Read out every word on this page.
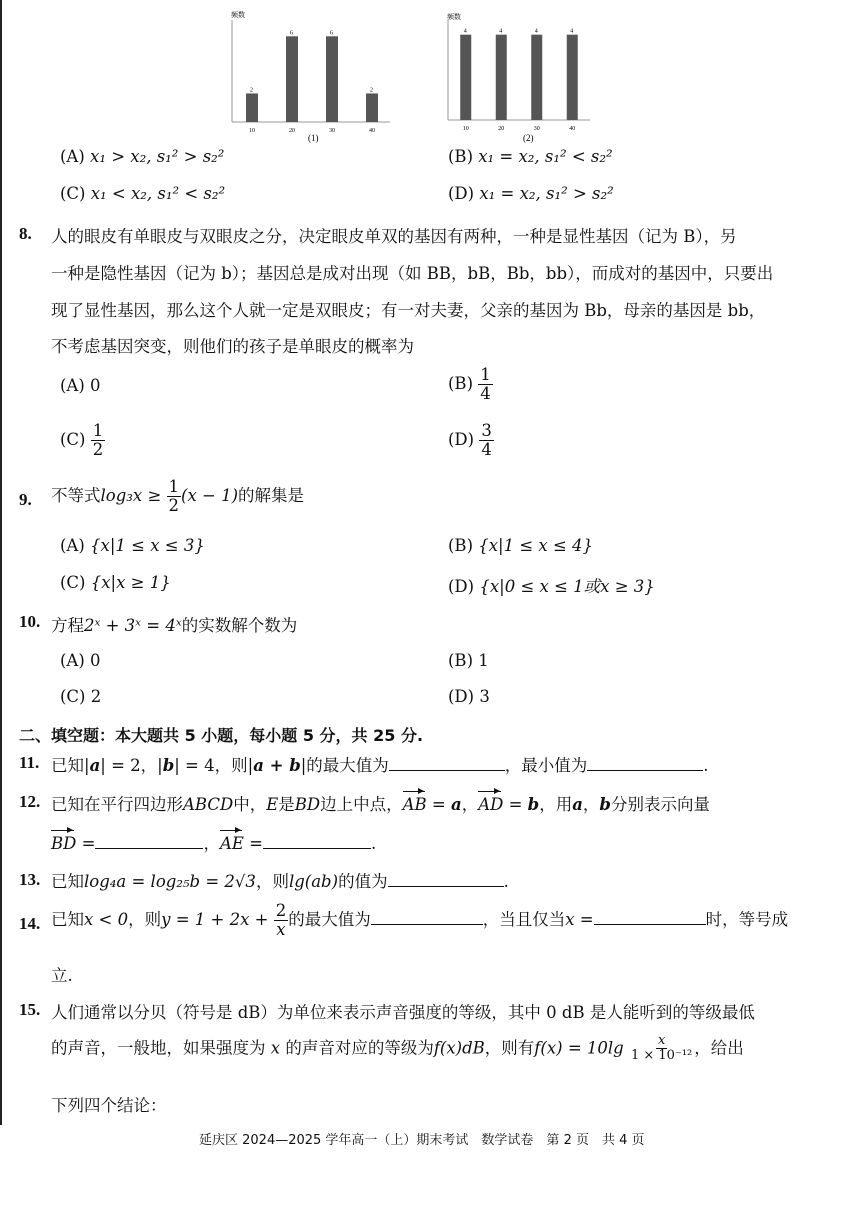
频数
2
10
6
20
6
30
2
40
(1)
频数
4
10
4
20
4
30
4
40
(2)
(A) x₁ > x₂, s₁² > s₂²	(B) x₁ = x₂, s₁² < s₂²
(C) x₁ < x₂, s₁² < s₂²	(D) x₁ = x₂, s₁² > s₂²
8. 人的眼皮有单眼皮与双眼皮之分，决定眼皮单双的基因有两种，一种是显性基因（记为 B），另
一种是隐性基因（记为 b）；基因总是成对出现（如 BB，bB，Bb，bb），而成对的基因中，只要出
现了显性基因，那么这个人就一定是双眼皮；有一对夫妻，父亲的基因为 Bb，母亲的基因是 bb，
不考虑基因突变，则他们的孩子是单眼皮的概率为
(A) 0	$(B) \frac{1}{4}$
$(C) \frac{1}{2}$	$(D) \frac{3}{4}$
9. 不等式$\log_3x \ge \frac{1}{2} (x - 1)$的解集是
(A) {x|1 ≤ x ≤ 3}	(B) {x|1 ≤ x ≤ 4}
(C) {x|x ≥ 1}	(D) {x|0 ≤ x ≤ 1或x ≥ 3}
10. 方程2ˣ + 3ˣ = 4ˣ的实数解个数为
(A) 0	(B) 1
(C) 2	(D) 3
二、填空题：本大题共 5 小题，每小题 5 分，共 25 分.
11. 已知|a| = 2，|b| = 4，则|a + b|的最大值为	，最小值为	.
12. 已知在平行四边形ABCD中，E是BD边上中点，AB = a，AD = b，用a，b分别表示向量
BD =	，AE =	.
13. 已知log₄a = log₂₅b = 2√3，则lg(ab)的值为	.
14. 已知x < 0，则$y = 1 + 2x + \frac{2}{x}$ 的最大值为	，当且仅当x =	时，等号成
立.
15. 人们通常以分贝（符号是 dB）为单位来表示声音强度的等级，其中 0 dB 是人能听到的等级最低
的声音，一般地，如果强度为 x 的声音对应的等级为f(x)dB，则有$f(x) = 10\lg \frac{x}{\text{1 × 10⁻¹²}}$ ，给出
下列四个结论：
延庆区 2024—2025 学年高一（上）期末考试　数学试卷　第 2 页　共 4 页
